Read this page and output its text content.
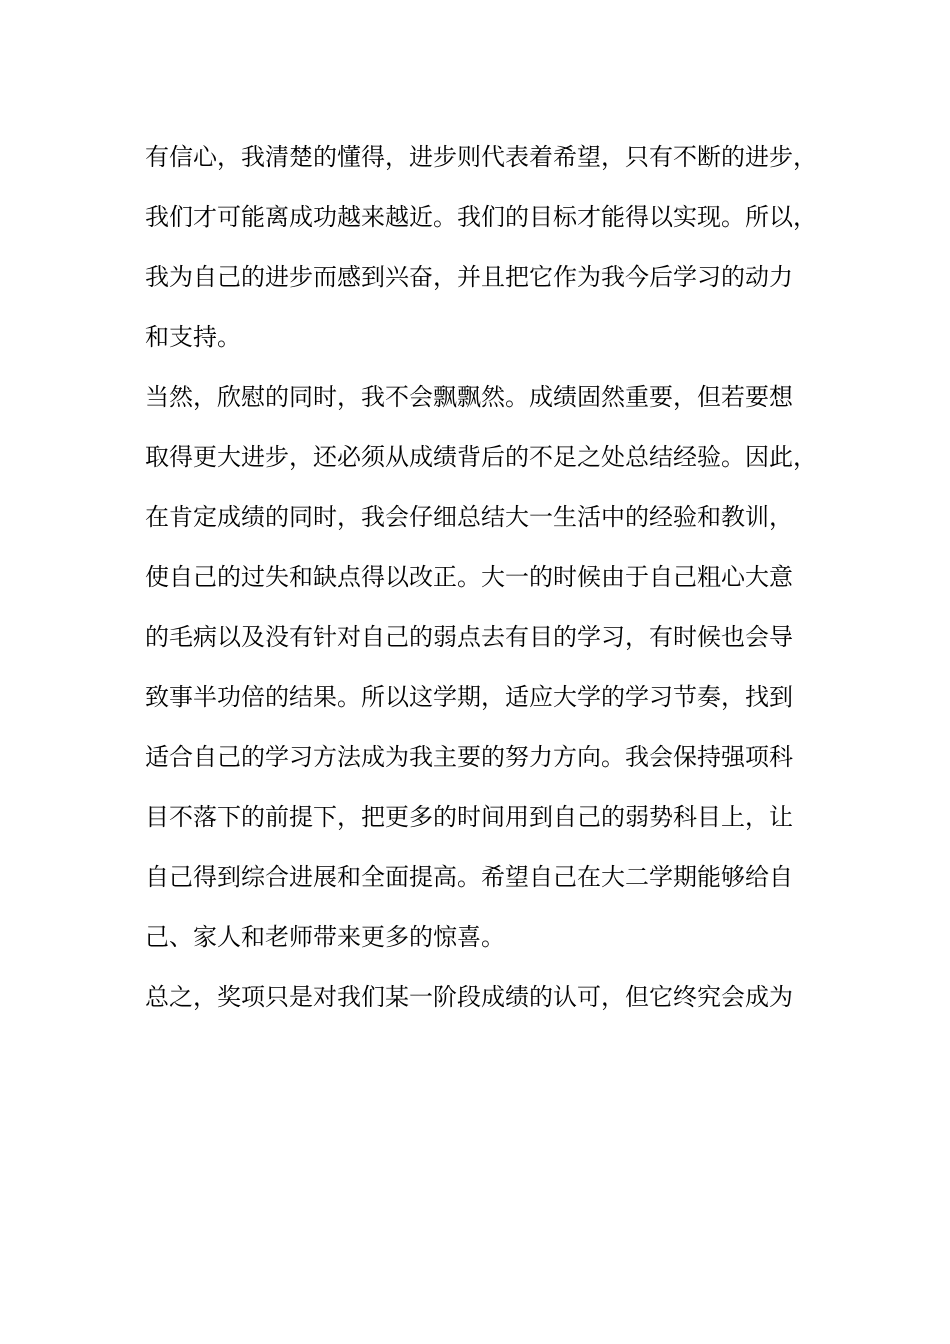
有信心，我清楚的懂得，进步则代表着希望，只有不断的进步，
我们才可能离成功越来越近。我们的目标才能得以实现。所以，
我为自己的进步而感到兴奋，并且把它作为我今后学习的动力
和支持。
当然，欣慰的同时，我不会飘飘然。成绩固然重要，但若要想
取得更大进步，还必须从成绩背后的不足之处总结经验。因此，
在肯定成绩的同时，我会仔细总结大一生活中的经验和教训，
使自己的过失和缺点得以改正。大一的时候由于自己粗心大意
的毛病以及没有针对自己的弱点去有目的学习，有时候也会导
致事半功倍的结果。所以这学期，适应大学的学习节奏，找到
适合自己的学习方法成为我主要的努力方向。我会保持强项科
目不落下的前提下，把更多的时间用到自己的弱势科目上，让
自己得到综合进展和全面提高。希望自己在大二学期能够给自
己、家人和老师带来更多的惊喜。
总之，奖项只是对我们某一阶段成绩的认可，但它终究会成为
